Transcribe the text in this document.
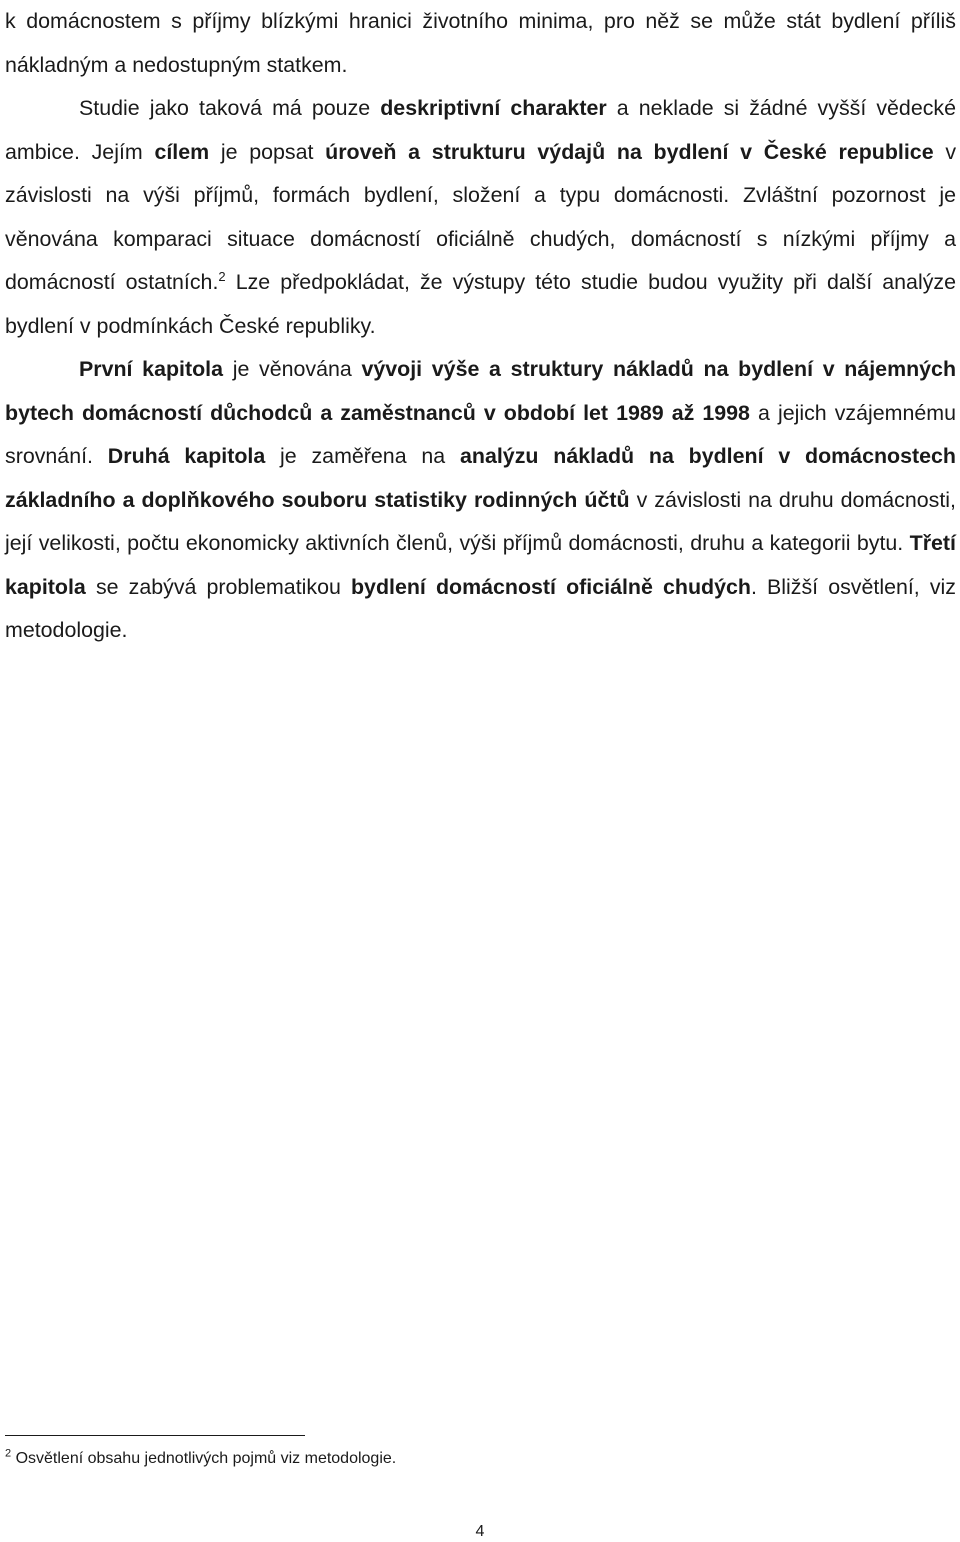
k domácnostem s příjmy blízkými hranici životního minima, pro něž se může stát bydlení příliš nákladným a nedostupným statkem.

Studie jako taková má pouze deskriptivní charakter a neklade si žádné vyšší vědecké ambice. Jejím cílem je popsat úroveň a strukturu výdajů na bydlení v České republice v závislosti na výši příjmů, formách bydlení, složení a typu domácnosti. Zvláštní pozornost je věnována komparaci situace domácností oficiálně chudých, domácností s nízkými příjmy a domácností ostatních.$^2$ Lze předpokládat, že výstupy této studie budou využity při další analýze bydlení v podmínkách České republiky.

První kapitola je věnována vývoji výše a struktury nákladů na bydlení v nájemných bytech domácností důchodců a zaměstnanců v období let 1989 až 1998 a jejich vzájemnému srovnání. Druhá kapitola je zaměřena na analýzu nákladů na bydlení v domácnostech základního a doplňkového souboru statistiky rodinných účtů v závislosti na druhu domácnosti, její velikosti, počtu ekonomicky aktivních členů, výši příjmů domácnosti, druhu a kategorii bytu. Třetí kapitola se zabývá problematikou bydlení domácností oficiálně chudých. Bližší osvětlení, viz metodologie.

$^2$ Osvětlení obsahu jednotlivých pojmů viz metodologie.
4
